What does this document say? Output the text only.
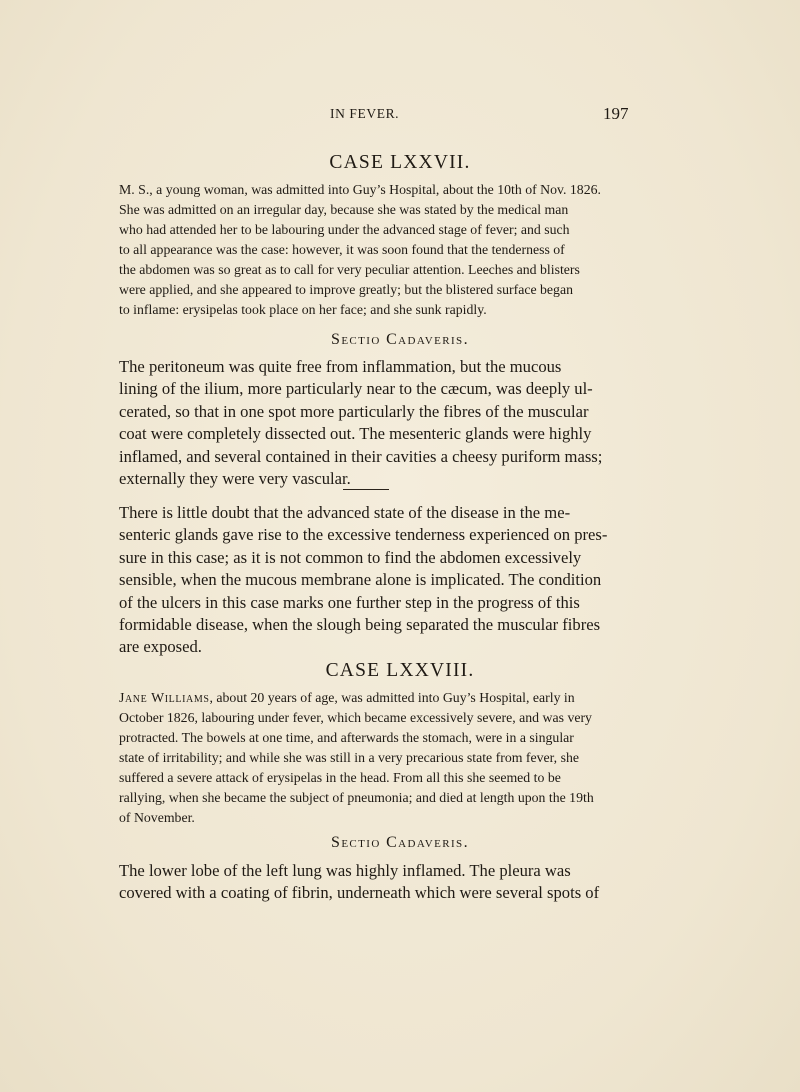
IN FEVER.	197
CASE LXXVII.
M. S., a young woman, was admitted into Guy’s Hospital, about the 10th of Nov. 1826.
She was admitted on an irregular day, because she was stated by the medical man
who had attended her to be labouring under the advanced stage of fever; and such
to all appearance was the case: however, it was soon found that the tenderness of
the abdomen was so great as to call for very peculiar attention. Leeches and blisters
were applied, and she appeared to improve greatly; but the blistered surface began
to inflame: erysipelas took place on her face; and she sunk rapidly.
Sectio Cadaveris.
The peritoneum was quite free from inflammation, but the mucous
lining of the ilium, more particularly near to the cæcum, was deeply ul-
cerated, so that in one spot more particularly the fibres of the muscular
coat were completely dissected out. The mesenteric glands were highly
inflamed, and several contained in their cavities a cheesy puriform mass;
externally they were very vascular.
There is little doubt that the advanced state of the disease in the me-
senteric glands gave rise to the excessive tenderness experienced on pres-
sure in this case; as it is not common to find the abdomen excessively
sensible, when the mucous membrane alone is implicated. The condition
of the ulcers in this case marks one further step in the progress of this
formidable disease, when the slough being separated the muscular fibres
are exposed.
CASE LXXVIII.
Jane Williams, about 20 years of age, was admitted into Guy’s Hospital, early in
October 1826, labouring under fever, which became excessively severe, and was very
protracted. The bowels at one time, and afterwards the stomach, were in a singular
state of irritability; and while she was still in a very precarious state from fever, she
suffered a severe attack of erysipelas in the head. From all this she seemed to be
rallying, when she became the subject of pneumonia; and died at length upon the 19th
of November.
Sectio Cadaveris.
The lower lobe of the left lung was highly inflamed. The pleura was
covered with a coating of fibrin, underneath which were several spots of
